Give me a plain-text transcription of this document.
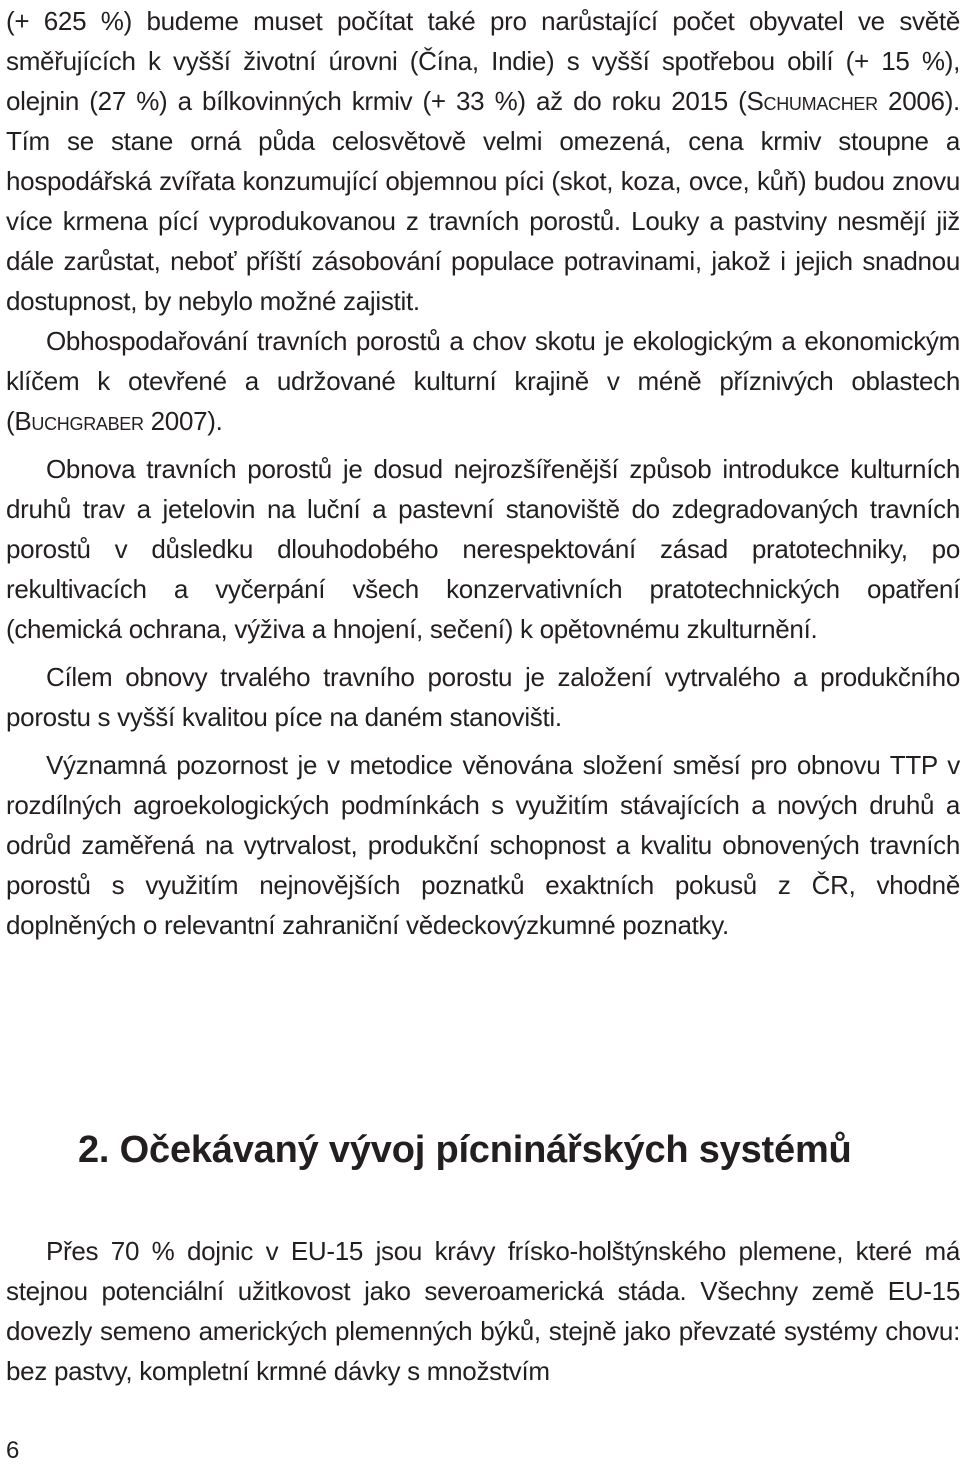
(+ 625 %) budeme muset počítat také pro narůstající počet obyvatel ve světě směřujících k vyšší životní úrovni (Čína, Indie) s vyšší spotřebou obilí (+ 15 %), olejnin (27 %) a bílkovinných krmiv (+ 33 %) až do roku 2015 (Schumacher 2006). Tím se stane orná půda celosvětově velmi omezená, cena krmiv stoupne a hospodářská zvířata konzumující objemnou píci (skot, koza, ovce, kůň) budou znovu více krmena pící vyprodukovanou z travních porostů. Louky a pastviny nesmějí již dále zarůstat, neboť příští zásobování populace potravinami, jakož i jejich snadnou dostupnost, by nebylo možné zajistit.

Obhospodařování travních porostů a chov skotu je ekologickým a ekonomickým klíčem k otevřené a udržované kulturní krajině v méně příznivých oblastech (Buchgraber 2007).

Obnova travních porostů je dosud nejrozšířenější způsob introdukce kulturních druhů trav a jetelovin na luční a pastevní stanoviště do zdegradovaných travních porostů v důsledku dlouhodobého nerespektování zásad pratotechniky, po rekultivacích a vyčerpání všech konzervativních pratotechnických opatření (chemická ochrana, výživa a hnojení, sečení) k opětovnému zkulturnění.

Cílem obnovy trvalého travního porostu je založení vytrvalého a produkčního porostu s vyšší kvalitou píce na daném stanovišti.

Významná pozornost je v metodice věnována složení směsí pro obnovu TTP v rozdílných agroekologických podmínkách s využitím stávajících a nových druhů a odrůd zaměřená na vytrvalost, produkční schopnost a kvalitu obnovených travních porostů s využitím nejnovějších poznatků exaktních pokusů z ČR, vhodně doplněných o relevantní zahraniční vědeckovýzkumné poznatky.

2. Očekávaný vývoj pícninářských systémů

Přes 70 % dojnic v EU-15 jsou krávy frísko-holštýnského plemene, které má stejnou potenciální užitkovost jako severoamerická stáda. Všechny země EU-15 dovezly semeno amerických plemenných býků, stejně jako převzaté systémy chovu: bez pastvy, kompletní krmné dávky s množstvím

6
